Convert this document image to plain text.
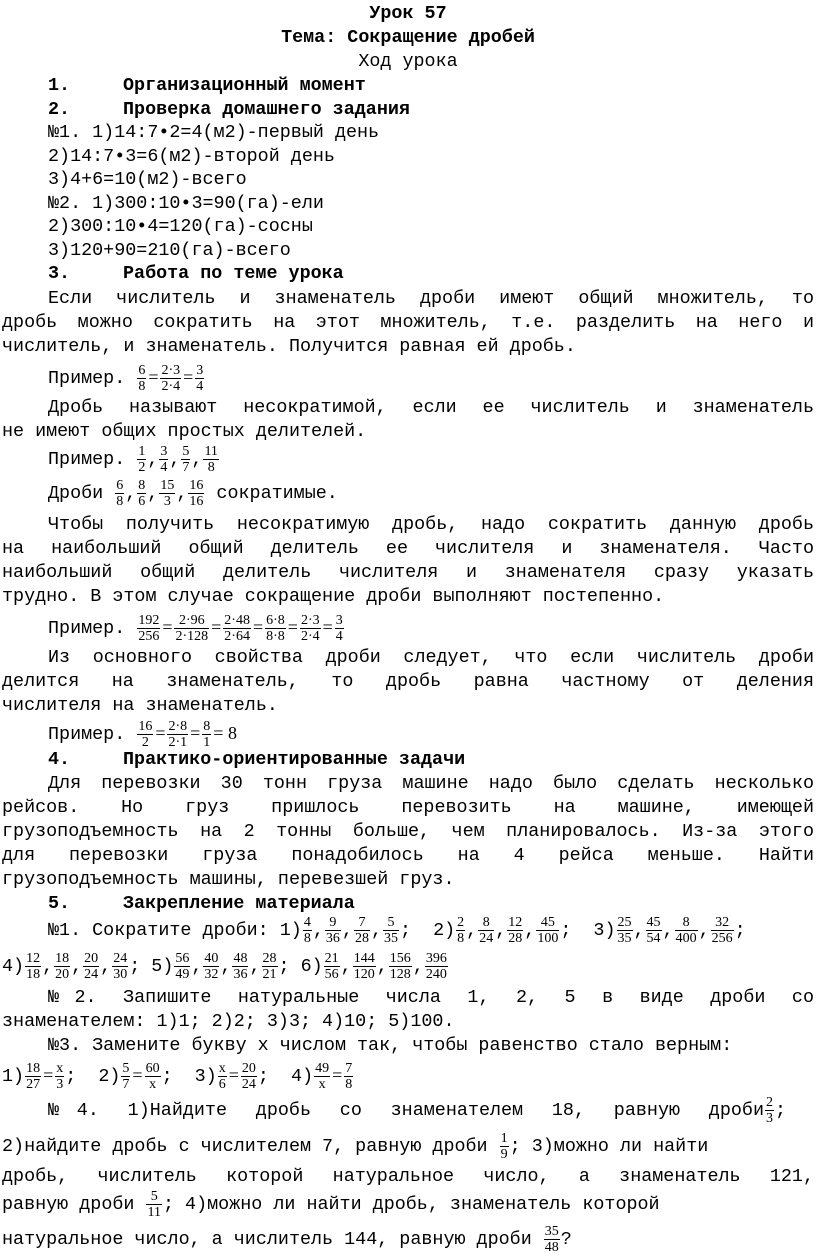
Урок 57
Тема: Сокращение дробей
Ход урока
1.	Организационный момент
2.	Проверка домашнего задания
№1. 1)14:7•2=4(м2)-первый день
2)14:7•3=6(м2)-второй день
3)4+6=10(м2)-всего
№2. 1)300:10•3=90(га)-ели
2)300:10•4=120(га)-сосны
3)120+90=210(га)-всего
3.	Работа по теме урока
Если числитель и знаменатель дроби имеют общий множитель, то
дробь можно сократить на этот множитель, т.е. разделить на него и
числитель, и знаменатель. Получится равная ей дробь.
Пример. $\frac{6}{8} = \frac{2\cdot 3}{2\cdot 4} = \frac{3}{4}$
Дробь называют несократимой, если ее числитель и знаменатель
не имеют общих простых делителей.
Пример. $\frac{1}{2}$ , $\frac{3}{4}$ , $\frac{5}{7}$ , $\frac{11}{8}$
Дроби $\frac{6}{8}$ , $\frac{8}{6}$ , $\frac{15}{3}$ , $\frac{16}{16}$ сократимые.
Чтобы получить несократимую дробь, надо сократить данную дробь
на наибольший общий делитель ее числителя и знаменателя. Часто
наибольший общий делитель числителя и знаменателя сразу указать
трудно. В этом случае сокращение дроби выполняют постепенно.
Пример. $\frac{192}{256} = \frac{2\cdot 96}{2\cdot 128} = \frac{2\cdot 48}{2\cdot 64} = \frac{6\cdot 8}{8\cdot 8} = \frac{2\cdot 3}{2\cdot 4} = \frac{3}{4}$
Из основного свойства дроби следует, что если числитель дроби
делится на знаменатель, то дробь равна частному от деления
числителя на знаменатель.
Пример. $\frac{16}{2} = \frac{2\cdot 8}{2\cdot 1} = \frac{8}{1} = 8$
4.	Практико-ориентированные задачи
Для перевозки 30 тонн груза машине надо было сделать несколько
рейсов. Но груз пришлось перевозить на машине, имеющей
грузоподъемность на 2 тонны больше, чем планировалось. Из-за этого
для перевозки груза понадобилось на 4 рейса меньше. Найти
грузоподъемность машины, перевезшей груз.
5.	Закрепление материала
№1. Сократите дроби: $1) \frac{4}{8}$ , $\frac{9}{36}$ , $\frac{7}{28}$ , $\frac{5}{35}$ ;  $2) \frac{2}{8}$ , $\frac{8}{24}$ , $\frac{12}{28}$ , $\frac{45}{100}$ ;  $3) \frac{25}{35}$ , $\frac{45}{54}$ , $\frac{8}{400}$ , $\frac{32}{256}$ ;
$4) \frac{12}{18}$ , $\frac{18}{20}$ , $\frac{20}{24}$ , $\frac{24}{30}$ ; $5) \frac{56}{49}$ , $\frac{40}{32}$ , $\frac{48}{36}$ , $\frac{28}{21}$ ; $6) \frac{21}{56}$ , $\frac{144}{120}$ , $\frac{156}{128}$ , $\frac{396}{240}$
№2. Запишите натуральные числа 1, 2, 5 в виде дроби со
знаменателем: 1)1; 2)2; 3)3; 4)10; 5)100.
№3. Замените букву х числом так, чтобы равенство стало верным:
$1) \frac{18}{27} = \frac{x}{3}$ ;  $2) \frac{5}{7} = \frac{60}{x}$ ;  $3) \frac{x}{6} = \frac{20}{24}$ ;  $4) \frac{49}{x} = \frac{7}{8}$
№4. 1)Найдите дробь со знаменателем 18, равную дроби $\frac{2}{3}$ ;
2)найдите дробь с числителем 7, равную дроби $\frac{1}{9}$ ; 3)можно ли найти
дробь, числитель которой натуральное число, а знаменатель 121,
равную дроби $\frac{5}{11}$ ; 4)можно ли найти дробь, знаменатель которой
натуральное число, а числитель 144, равную дроби $\frac{35}{48}$ ?
